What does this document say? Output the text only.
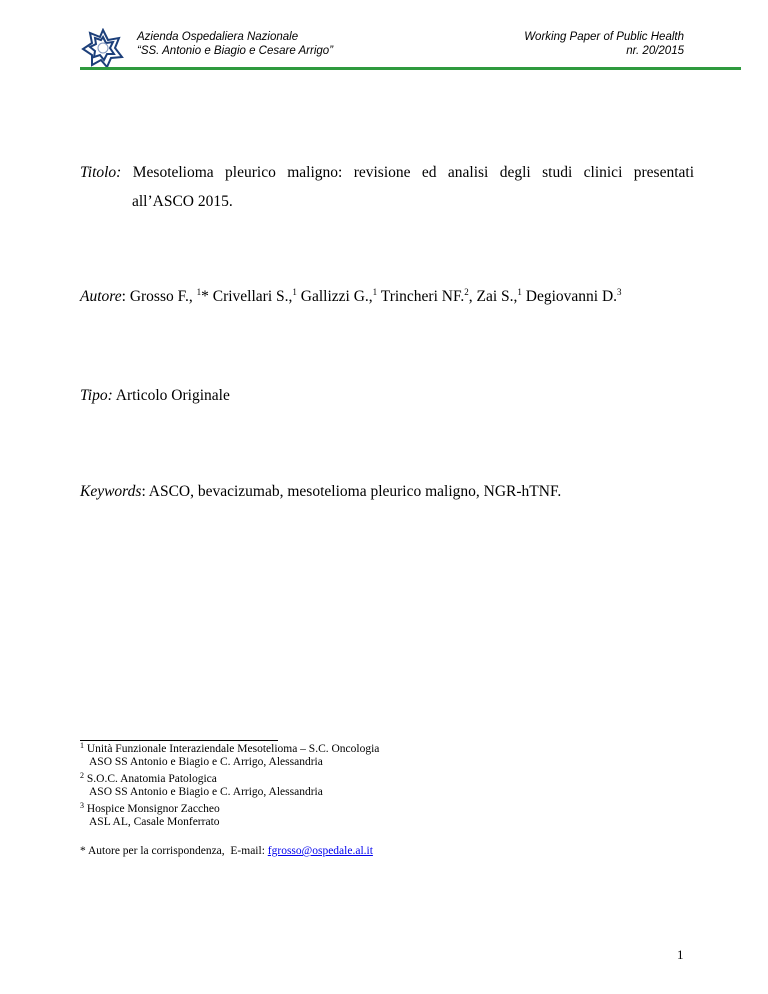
Azienda Ospedaliera Nazionale
“SS. Antonio e Biagio e Cesare Arrigo”
Working Paper of Public Health
nr. 20/2015
Titolo: Mesotelioma pleurico maligno: revisione ed analisi degli studi clinici presentati
all’ASCO 2015.
Autore: Grosso F., $^1$* Crivellari S.,$^1$ Gallizzi G.,$^1$ Trincheri NF.$^2$, Zai S.,$^1$ Degiovanni D.$^3$
Tipo: Articolo Originale
Keywords: ASCO, bevacizumab, mesotelioma pleurico maligno, NGR-hTNF.
$^1$ Unità Funzionale Interaziendale Mesotelioma – S.C. Oncologia
ASO SS Antonio e Biagio e C. Arrigo, Alessandria
$^2$ S.O.C. Anatomia Patologica
ASO SS Antonio e Biagio e C. Arrigo, Alessandria
$^3$ Hospice Monsignor Zaccheo
ASL AL, Casale Monferrato
* Autore per la corrispondenza,  E-mail: fgrosso@ospedale.al.it
1
